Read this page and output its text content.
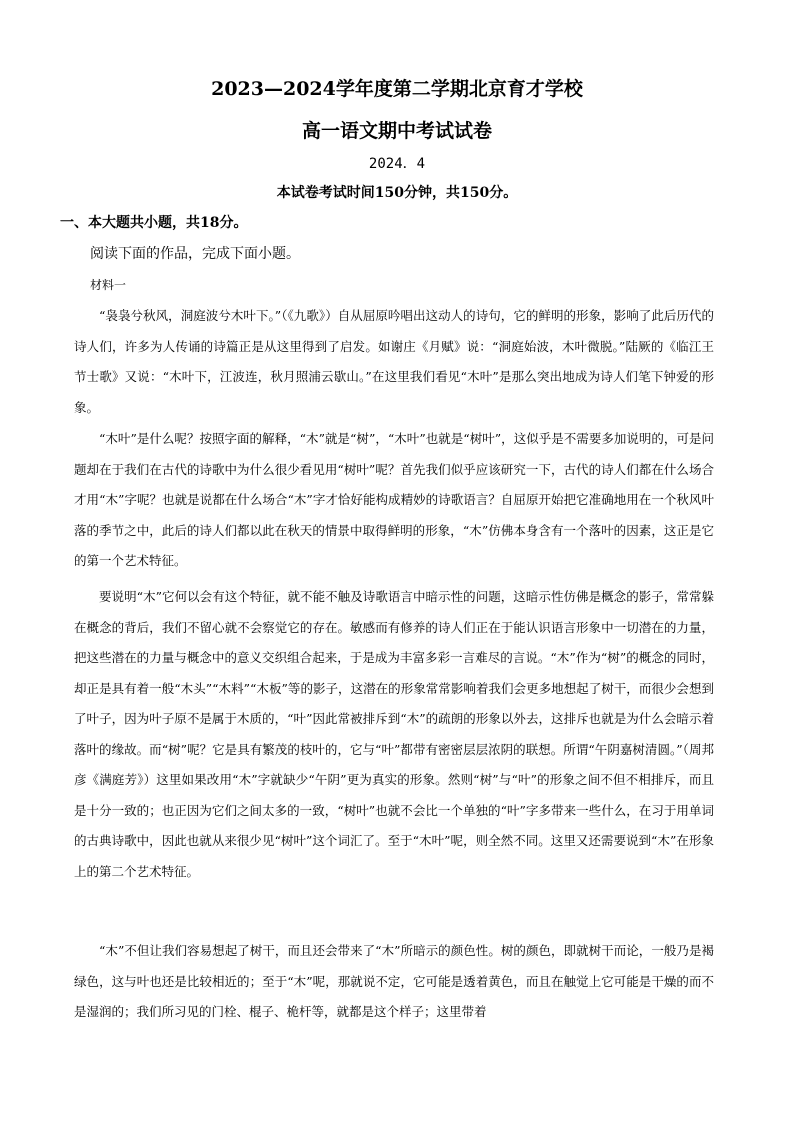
2023—2024学年度第二学期北京育才学校
高一语文期中考试试卷
2024．4
本试卷考试时间150分钟，共150分。
一、本大题共小题，共18分。
阅读下面的作品，完成下面小题。
材料一

“袅袅兮秋风，洞庭波兮木叶下。”（《九歌》）自从屈原吟唱出这动人的诗句，它的鲜明的形象，影响了此后历代的诗人们，许多为人传诵的诗篇正是从这里得到了启发。如谢庄《月赋》说：“洞庭始波，木叶微脱。”陆厥的《临江王节士歌》又说：“木叶下，江波连，秋月照浦云歇山。”在这里我们看见“木叶”是那么突出地成为诗人们笔下钟爱的形象。

“木叶”是什么呢？按照字面的解释，“木”就是“树”，“木叶”也就是“树叶”，这似乎是不需要多加说明的，可是问题却在于我们在古代的诗歌中为什么很少看见用“树叶”呢？首先我们似乎应该研究一下，古代的诗人们都在什么场合才用“木”字呢？也就是说都在什么场合“木”字才恰好能构成精妙的诗歌语言？自屈原开始把它准确地用在一个秋风叶落的季节之中，此后的诗人们都以此在秋天的情景中取得鲜明的形象，“木”仿佛本身含有一个落叶的因素，这正是它的第一个艺术特征。

要说明“木”它何以会有这个特征，就不能不触及诗歌语言中暗示性的问题，这暗示性仿佛是概念的影子，常常躲在概念的背后，我们不留心就不会察觉它的存在。敏感而有修养的诗人们正在于能认识语言形象中一切潜在的力量，把这些潜在的力量与概念中的意义交织组合起来，于是成为丰富多彩一言难尽的言说。“木”作为“树”的概念的同时，却正是具有着一般“木头”“木料”“木板”等的影子，这潜在的形象常常影响着我们会更多地想起了树干，而很少会想到了叶子，因为叶子原不是属于木质的，“叶”因此常被排斥到“木”的疏朗的形象以外去，这排斥也就是为什么会暗示着落叶的缘故。而“树”呢？它是具有繁茂的枝叶的，它与“叶”都带有密密层层浓阴的联想。所谓“午阴嘉树清圆。”（周邦彦《满庭芳》）这里如果改用“木”字就缺少“午阴”更为真实的形象。然则“树”与“叶”的形象之间不但不相排斥，而且是十分一致的；也正因为它们之间太多的一致，“树叶”也就不会比一个单独的“叶”字多带来一些什么，在习于用单词的古典诗歌中，因此也就从来很少见“树叶”这个词汇了。至于“木叶”呢，则全然不同。这里又还需要说到“木”在形象上的第二个艺术特征。

“木”不但让我们容易想起了树干，而且还会带来了“木”所暗示的颜色性。树的颜色，即就树干而论，一般乃是褐绿色，这与叶也还是比较相近的；至于“木”呢，那就说不定，它可能是透着黄色，而且在触觉上它可能是干燥的而不是湿润的；我们所习见的门栓、棍子、桅杆等，就都是这个样子；这里带着
